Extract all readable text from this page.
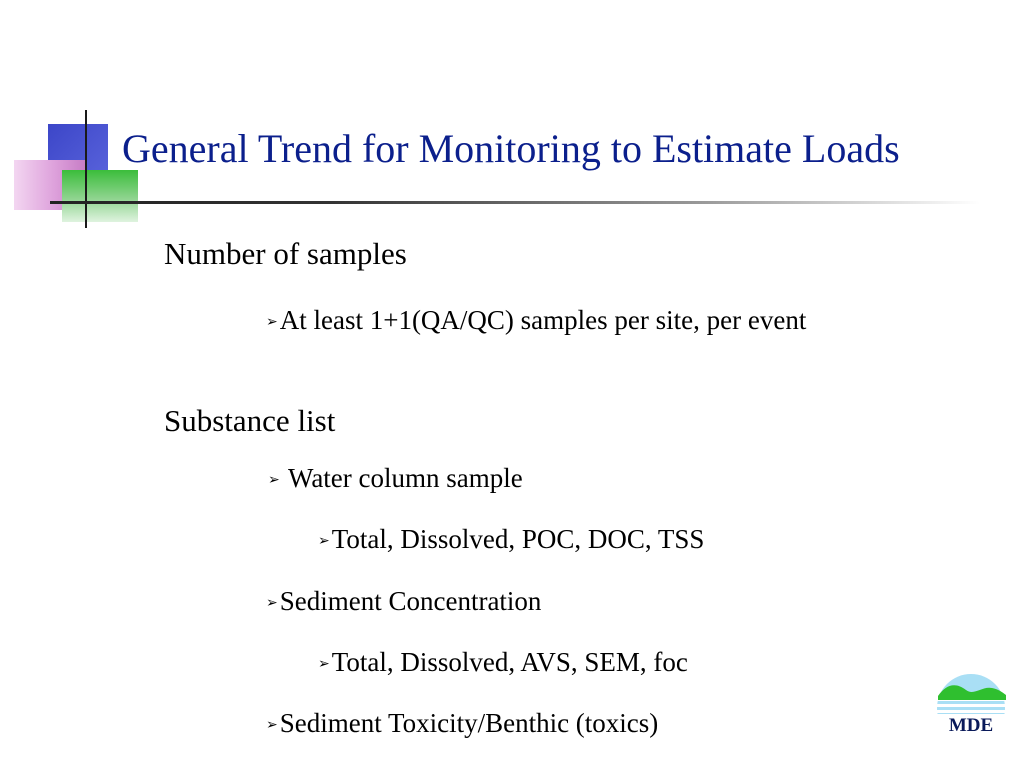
General Trend for Monitoring to Estimate Loads
Number of samples
➢At least 1+1(QA/QC) samples per site, per event
Substance list
➢ Water column sample
➢Total, Dissolved, POC, DOC, TSS
➢Sediment Concentration
➢Total, Dissolved, AVS, SEM, foc
➢Sediment Toxicity/Benthic (toxics)	MDE
